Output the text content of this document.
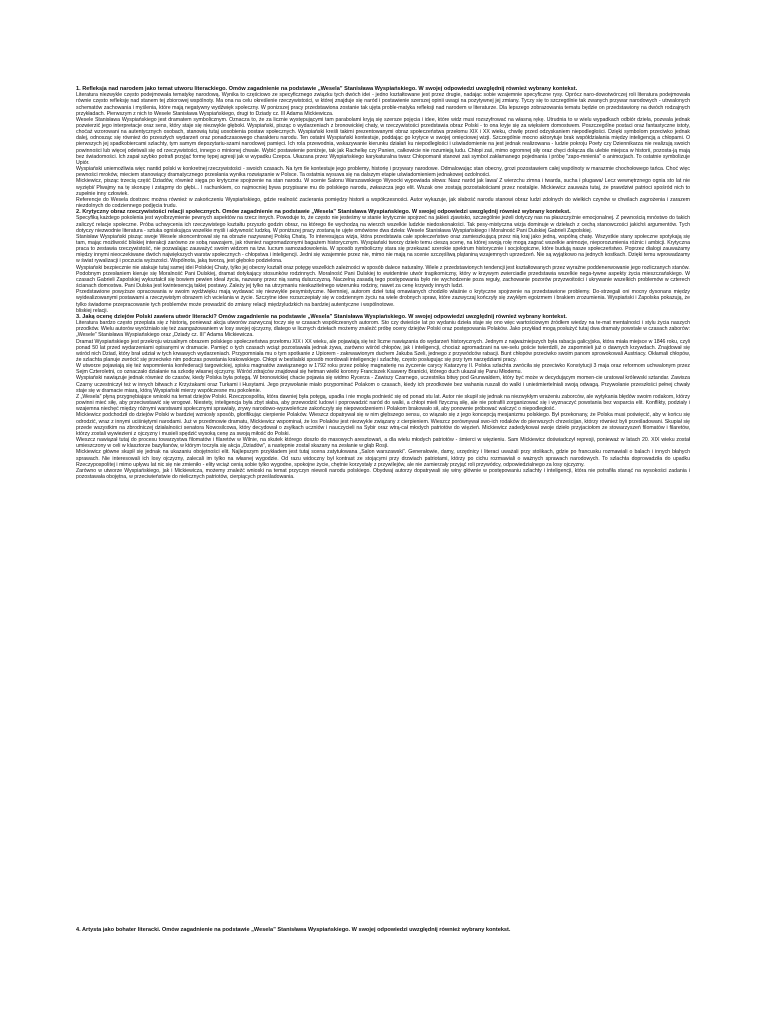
1. Refleksja nad narodem jako temat utworu literackiego. Omów zagadnienie na podstawie „Wesela” Stanisława Wyspiańskiego. W swojej odpowiedzi uwzględnij również wybrany kontekst.

Literatura niezwykle często podejmowała tematykę narodową. Wynika to częściowo ze specyficznego związku tych dwóch idei - jedno kształtowane jest przez drugie, nadając sobie wzajemnie specyficzne rysy. Oprócz naro-dowotwórczej roli literatura podejmowała równie często refleksję nad stanem tej zbiorowej wspólnoty. Ma ona na celu określenie rzeczywistości, w której znajduje się naród i postawienie szerszej opinii uwagi na pozytywnej jej zmiany. Tyczy się to szczególnie tak zwanych przywar narodowych - utrwalonych schematów zachowania i myślenia, które mają negatywny wydźwięk społeczny. W ponizszej pracy przedstawiona zostanie tak ujęta proble-matyka refleksji nad narodem w literaturze. Dla lepszego zobrazowania tematu będzie on przedstawiony na dwóch rodzajnych przykładach. Pierwszym z nich to Wesele Stanisława Wyspiańskiego, drugi to Dziady cz. III Adama Mickiewicza.

Wesele Stanisława Wyspiańskiego jest dramatem symbolicznym. Oznacza to, że za licznie występującymi tam parabolami kryją się szersze pojęcia i idee, które widz musi rozszyfrować na własną rękę. Utrudnia to w wielu wypadkach odbiór dzieła, pozwala jednak pozwierzić jego interpretacje oraz sens, który staje się niezwykle głęboki. Wyspiański, pisząc o wydarzeniach z bronowickiej chaty, w rzeczywistości przedstawia obraz Polski - to ona kryje się za więksiem domostwem. Poszczególne postaci oraz fantastyczne istoty, choćaż wzorowani na autentycznych osobach, stanowią tutaj uosobienia postaw społecznych. Wyspiański kreśli takimi prezentowanymi obraz społeczeństwa przełomu XIX i XX wieku, chwilę przed odzyskaniem niepodległości. Dzięki symbolom przeciwko jednak dalej, odnosząc się również do przeszłych wydarzeń oraz ponadczasowego charakteru narodu. Ten ostatni Wyspiański kontestuje, poddając go krytyce w swojej omięciowej wizji. Szczególnie mocno aktorytuje brak współdziałania między inteligencją a chłopami. O pierwszych jej spadkobiercami szlachty, tym samym depozytariu-szami narodowej pamięci. Ich rola przewodnia, wskazywanie kierunku działań ku niepodległości i uświadomienie na jest jednak realizowana - ludzie pokroju Poety czy Dziennikarza nie realizują swoich powinności lub więcej odetwali się od rzeczywistości, innego o minionej chwale. Wybić postawienie poniżeje, tak jak Rachelkę czy Panien, całkowicie nie rozumieją ludu. Chłopi zaś, mimo ogromnej siły oraz chęci dołącza dla ulebie miejsca w historii, pozosta-ją mają bez świadomości. Ich zapał szybko potrafi przyjąć formę tępej agresji jak w wypadku Czepca. Ukazana przez Wyspiańskiego karykaturalna twarz Chłopomanii stanowi zaś symbol zakłamanego pojednania i próbę "zapo-mnienia" o animozjach. To ostatnie symbolizuje Upiór.

Wyspiański uniemożliwia więc nantid polski w konkretnej rzeczywistości - swoich czasach. Na tym tle kontestuje jego problemy, historię i przywary narodowe. Odmalowując stan obecny, grozi pozostawiem całej wspólnoty w marazmie chochołowego tańca. Choć więc pewności mroków, mieciem stanowiący dramatycznego przesłania wynika rozwiązanie w Polsce. Ta ostatnia wysuwa się na dalszym etapie uświadomieniem jednakowej ozdolności.

Mickiewicz, pisząc trzecią część Dziadów, również sięga po krytyczne spojrzenie na stan narodu. W scenie Salonu Warszawskiego Wysocki wypowiada słowa: Nasz naród jak lawa/ Z wierzchu zimna i twarda, sucha i plugawa/ Lecz wewnętrznego ognia sto lat nie wyziębi/ Plwajmy na tę skorupę i zstąpmy do głębi... I rachunkiem, co najmocniej bywa przypisane mu do polskiego narodu, zwłaszcza jego elit. Wszak one zostają pozostałościami przez nostalgie. Mickiewicz zauważa tutaj, że prawdziwi patrioci spośród nich to zupełnie inny człowiek.

Referencje do Wesela dostrzec można również w zakończeniu Wyspiańskiego, gdzie realność zacierania pomiędzy historii a współczesności. Autor wykazuje, jak słabość narodu stanowi obraz ludzi zdolnych do wielkich czynów w chwilach zagrożenia i zarazem niezdolnych do codziennego podjęcia trudu.

2. Krytyczny obraz rzeczywistości relacji społecznych. Omów zagadnienie na podstawie „Wesela” Stanisława Wyspiańskiego. W swojej odpowiedzi uwzględnij również wybrany kontekst.

Specyfiką każdego pokolenia jest wyolbrzymienie pewnych aspektów na rzecz innych. Powoduje to, że często nie jesteśmy w stanie krytycznie spojrzeć na jakieś zjawisko, szczególnie jeżeli dotyczy nas na płaszczyźnie emocjonalnej. Z pewnością mnóstwo do takich zaliczyć relacje społeczne. Próba uchwycenia ich rzeczywistego kształtu przyszło godzin obraz, na którego tle wychodzą na wierzch wszelkie ludzkie niedoskonałości. Tak pesy-mistyczna wizja dominuje w dziełach z cechą stanowczości jakichś argumentów. Tych dotyczy niezwodnie literatura - sztuka ogniskująca wszelkie myśli i aktywność ludzką. W poniższej pracy zostaną te ujęte omówione dwa dzieła: Wesele Stanisława Wyspiańskiego i Moralność Pani Dulskiej Gabrieli Zapolskiej.

Stanisław Wyspiański pisząc swoje Wesele skoncentrował się na obrazie nazywanej Polską Chatą. To interesująca wizja, która przedstawia całe społeczeństwo oraz zamieszkującą przez nią kraj jako jedną, wspólną chatę. Wszystkie stany społeczne spotykają się tam, mając możliwość bliskiej interakcji zarówno ze sobą nawzajem, jak również nagromadzonymi bagażem historycznym. Wyspiański tworzy dzieło temu cieszą scenę, na której swoją rolę mogą zagrać wszelkie animozje, nieporozumienia różnic i ambicji. Krytyczna praca to zestawia rzeczywistość, nie pozwalając zauważyć swoim widzom na tzw. lucrum samozadowolenia. W sposób symboliczny stara się przekazać szerokie spektrum historycznie i socjologiczne, które budują nasze społeczeństwo. Poprzez dialogi zauważamy między innymi nieoczekiwane dwóch największych warstw społecznych - chłopstwa i inteligencji. Jedni się wzajemnie przez nie, mimo nie mają na scenie szczęśliwą plątaniną wzajemnych uprzedzeń. Nie są wyjątkowo na jednych kostkach. Dzięki temu wprowadzamy w świat rywalizacji i poczucia wyższości. Wspólnota, jaką tworzą, jest głęboko podzielona.

Wyspiański bezpiecznie nie atakuje tutaj samej idei Polskiej Chaty, tylko jej obecny kształt oraz potęgę wszelkich zależności w sposób dalece naturalny. Wiele z przedstawionych tendencji jest kształtowanych przez wyraźne poddenerwowanie jego rozliczanych stanów.

Podobnym przesłaniem kieruje się Moralność Pani Dulskiej, dramat dotykający stosunków rodzinnych. Moralność Pani Dulskiej to ewidentnie utwór tragikomiczny, który w krzywym zwierciadle przedstawia wszelkie nega-tywne aspekty życia mieszczańskiego. W czasach Gabrieli Zapolskiej wykształcił się bowiem pewien ideał życia, nazwany przez nią samą dulszczyzną. Naczelną zasadą tego postępowania było nie wychodzenie poza reguły, zachowanie pozorów przyzwoitości i ukrywanie wszelkich problemów w czterech ścianach domostwa. Pani Dulska jest kwintesencją takiej postawy. Zależy jej tylko na utrzymaniu nieskazitelnego wizerunku rodziny, nawet za cenę krzywdy innych ludzi.

Przedstawione powyższe opracowania w swoim wydźwięku mają wydawać się niezwykle pesymistyczne. Niemniej, autorom dzieł tutaj omawianych chodziło właśnie o krytyczne spojrzenie na przedstawione problemy. Do-strzegali oni mocny dysonans między wyidealizowanymi postawami a rzeczywistym obrazem ich wcielania w życie. Szczytne idee rozszczepiały się w codziennym życiu na wiele drobnych spraw, które zazwyczaj kończyły się zwykłym egoizmem i brakiem zrozumienia. Wyspiański i Zapolska pokazują, że tylko świadome przepracowanie tych problemów może prowadzić do zmiany relacji międzyludzkich na bardziej autentyczne i wspólnotowe.

bliskiej relacji.

3. Jaką ocenę dziejów Polski zawiera utwór literacki? Omów zagadnienie na podstawie „Wesela” Stanisława Wyspiańskiego. W swojej odpowiedzi uwzględnij również wybrany kontekst.

Literatura bardzo często przeplata się z historią, ponieważ akcja utworów zazwyczaj toczy się w czasach współczesnych autorom. Sto czy dwieście lat po wydaniu dzieła staje się ono więc wartościowym źródłem wiedzy na te-mat mentalności i stylu życia naszych przodków. Wielu autorów wyróżniało się też zaangażowaniem w losy swojej ojczyzny, dlatego w licznych dziełach możemy znaleźć próbę oceny dziejów Polski oraz postępowania Polaków. Jako przykład mogą posłużyć tutaj dwa dramaty powstałe w czasach zaborów: „Wesele” Stanisława Wyspiańskiego oraz „Dziady cz. III” Adama Mickiewicza.

Dramat Wyspiańskiego jest przekroju wizualnym obrazem polskiego społeczeństwa przełomu XIX i XX wieku, ale pojawiają się też liczne nawiązania do wydarzeń historycznych. Jednym z najważniejszych była rabacja galicyjska, która miała miejsce w 1846 roku, czyli ponad 50 lat przed wydarzeniami opisanymi w dramacie. Pamięć o tych czasach wciąż pozostawała jednak żywa, zarówno wśród chłopów, jak i inteligencji, chociaż agromadzani na we-selu goście twierdzili, że zapomnieli już o dawnych krzywdach. Znajdował się wśród nich Dziad, który brał udział w tych krwawych wydarzeniach. Przypomniała mu o tym spotkanie z Upiorem - zakrwawionym duchem Jakuba Szeli, jednego z przywódców rabacji. Bunt chłopów przeciwko swoim panom sprowokowali Austriacy. Okłamali chłopów, że szlachta planuje zwrócić się przeciwko nim podczas powstania krakowskiego. Chłopi w bestialski sposób mordowali inteligencję i szlachtę, często posługując się przy tym narzędziami pracy.

W utworze pojawiają się też wspomnienia konfederacji targowickiej, spisku magnatów zawiązanego w 1792 roku przez polskę magnaterię na życzenie carycy Katarzyny II. Polska szlachta zwróciła się przeciwko Konstytucji 3 maja oraz reformom uchwalonym przez Sejm Czteroletni, co oznaczało działanie na szkodę własnej ojczyzny. Wśród zdrajców znajdował się hetman wielki koronny Franciszek Ksawery Branicki, którego duch ukazał się Panu Młodemu.

Wyspiański nawiązuje jednak również do czasów, kiedy Polska była potęgą. W bronowickiej chacie pojawia się widmo Rycerza - Zawiszy Czarnego, uczestnika bitwy pod Grunwaldem, który być może w decydującym momen-cie uratował królewski sztandar. Zawisza Czarny uczestniczył też w innych bitwach z Krzyżakami oraz Turkami i Husytami. Jego przywołanie miało przypominać Polakom o czasach, kiedy ich przodkowie bez wahania ruszali do walki i unieśmiertelniali swoją odwagą. Przywołanie przeszłości pełnej chwały staje się w dramacie miarą, którą Wyspiański mierzy współczesne mu pokolenie.

Z „Wesela” płyną przygnębiające wnioski na temat dziejów Polski. Rzeczpospolita, która dawniej była potęgą, upadła i nie mogła podnieść się od ponad stu lat. Autor nie skupił się jednak na niezwykłym wrażeniu zaborców, ale wytykania błędów swoim rodakom, którzy powinni mieć siłę, aby przeciwstawić się wrogowi. Niestety, inteligencja była zbyt słaba, aby przewodzić ludowi i poprowadzić naród do walki, a chłopi mieli fizyczną siłę, ale nie potrafili zorganizować się i wyznaczyć powstania bez wsparcia elit. Konflikty, podziały i wzajemna niechęć między różnymi warstwami społecznymi sprawiały, zrywy narodowo-wyzwoleńcze zakończyły się niepowodzeniem i Polakom brakowało sił, aby ponownie próbować walczyć o niepodległość.

Mickiewicz podchodził do dziejów Polski w bardziej wzniosły sposób, głorifikując cierpienie Polaków. Wieszcz dopatrywał się w nim głębszego sensu, co wiązało się z jego koncepcją mesjanizmu polskiego. Był przekonany, że Polska musi poświęcić, aby w końcu się odrodzić, wraz z innymi uciśniętymi narodami. Już w przedmowie dramatu, Mickiewicz wspominał, że los Polaków jest niezwykle związany z cierpieniem. Wieszcz porównywał swo-ich rodaków do pierwszych chrześcijan, którzy również byli prześladowani. Skupiał się przede wszystkim na zbrodniczej działalności senatora Nowosilcowa, który decydował o zsyłkach uczniów i nauczycieli na Sybir oraz wtrą-cał młodych patriotów do więzień. Mickiewicz zadedykował swoje dzieło przyjaciołom ze stowarzyszeń filomatów i filaretów, którzy zostali wywiezieni z ojczyzny i musieli spędzić wysoką cenę za swoją miłość do Polski.

Wieszcz nawiązał tutaj do procesu towarzystwa filomatów i filaretów w Wilnie, na skutek którego doszło do masowych aresztowań, a dla wielu młodych patriotów - śmierci w więzieniu. Sam Mickiewicz doświadczył represji, ponieważ w latach 20. XIX wieku został umieszczony w celi w klasztorze bazylianów, w którym toczyła się akcja „Dziadów”, a następnie został skazany na zesłanie w głąb Rosji.

Mickiewicz główne skupił się jednak na ukazaniu obojętności elit. Najlepszym przykładem jest tutaj scena zatytułowana „Salon warszawski”. Generałowie, damy, urzędnicy i literaci uważali przy stolikach, gdzie po francusku rozmawiali o balach i innych błahych sprawach. Nie interesowali ich losy ojczyzny, zalecali im tylko na własnej wygodzie. Od razu widoczny był kontrast ze stojącymi przy drzwiach patriotami, którzy po cichu rozmawiali o ważnych sprawach narodowych. To szlachta doprowadziła do upadku Rzeczypospolitej i mimo upływu lat nic się nie zmieniło - elity wciąż cenią sobie tylko wygodne, spokojne życie, chętnie korzystały z przywilejów, ale nie zamierzały przyjąć roli przywódcy, odpowiedzialnego za losy ojczyzny.

Zarówno w utworze Wyspiańskiego, jak i Mickiewicza, możemy znaleźć wnioski na temat przyczyn niewoli narodu polskiego. Obydwaj autorzy dopatrywali się winy głównie w postępowaniu szlachty i inteligencji, która nie potrafiła stanąć na wysokości zadania i pozostawała obojętna, w przeciwieństwie do nielicznych patriotów, cierpiących prześladowania.

4. Artysta jako bohater literacki. Omów zagadnienie na podstawie „Wesela” Stanisława Wyspiańskiego. W swojej odpowiedzi uwzględnij również wybrany kontekst.
